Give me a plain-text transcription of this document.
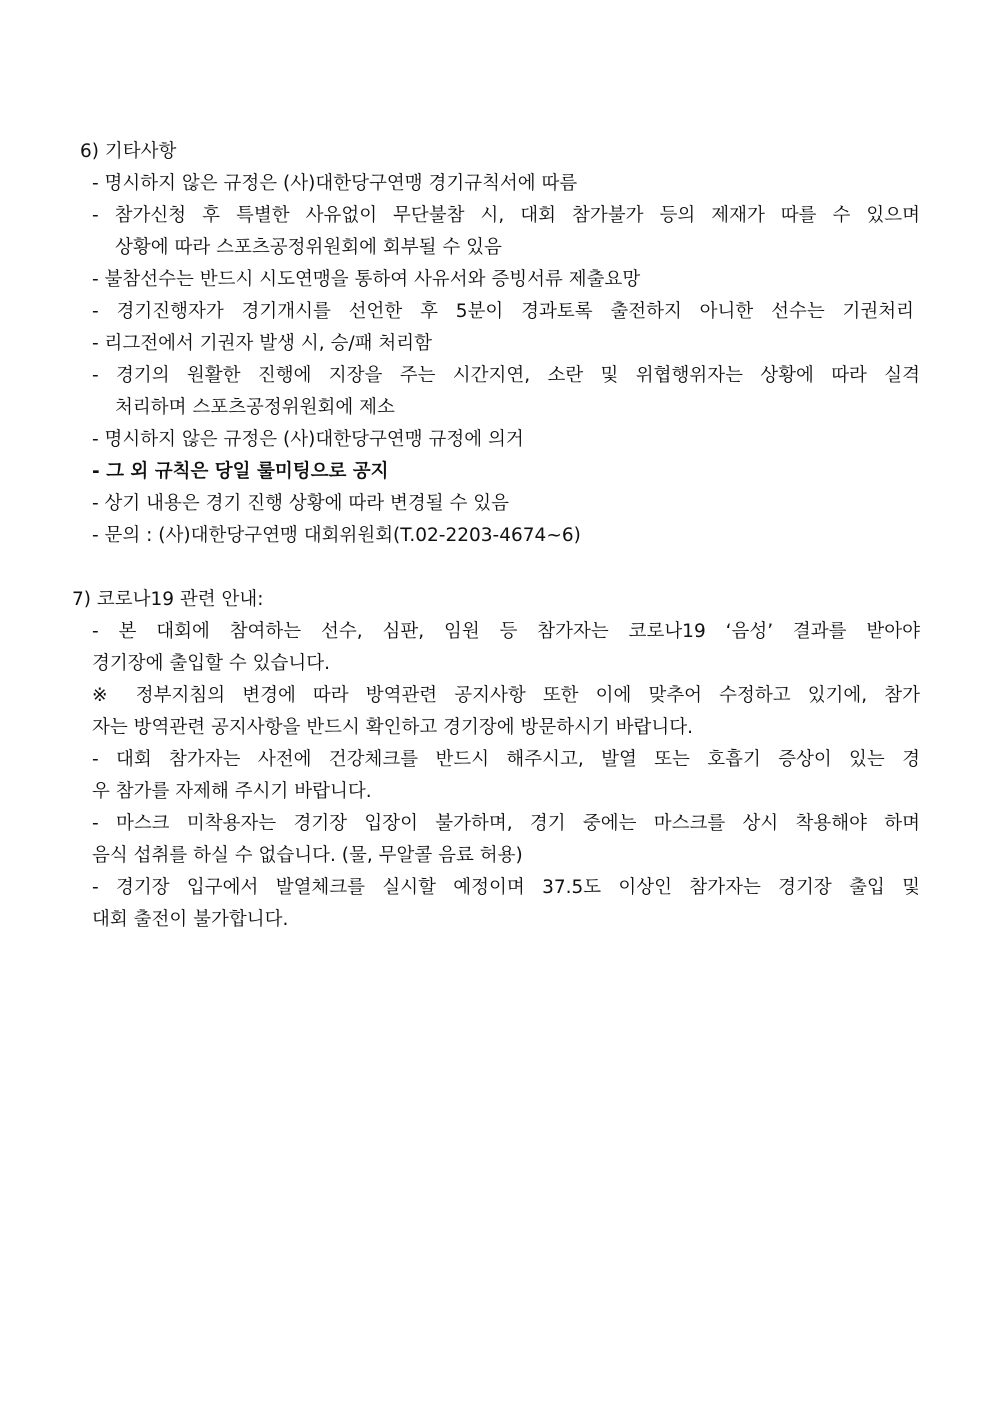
6) 기타사항
- 명시하지 않은 규정은 (사)대한당구연맹 경기규칙서에 따름
- 참가신청 후 특별한 사유없이 무단불참 시, 대회 참가불가 등의 제재가 따를 수 있으며
상황에 따라 스포츠공정위원회에 회부될 수 있음
- 불참선수는 반드시 시도연맹을 통하여 사유서와 증빙서류 제출요망
- 경기진행자가 경기개시를 선언한 후 5분이 경과토록 출전하지 아니한 선수는 기권처리
- 리그전에서 기권자 발생 시, 승/패 처리함
- 경기의 원활한 진행에 지장을 주는 시간지연, 소란 및 위협행위자는 상황에 따라 실격
처리하며 스포츠공정위원회에 제소
- 명시하지 않은 규정은 (사)대한당구연맹 규정에 의거
- 그 외 규칙은 당일 룰미팅으로 공지
- 상기 내용은 경기 진행 상황에 따라 변경될 수 있음
- 문의 : (사)대한당구연맹 대회위원회(T.02-2203-4674~6)
7) 코로나19 관련 안내:
- 본 대회에 참여하는 선수, 심판, 임원 등 참가자는 코로나19 ‘음성’ 결과를 받아야
경기장에 출입할 수 있습니다.
※ 정부지침의 변경에 따라 방역관련 공지사항 또한 이에 맞추어 수정하고 있기에, 참가
자는 방역관련 공지사항을 반드시 확인하고 경기장에 방문하시기 바랍니다.
- 대회 참가자는 사전에 건강체크를 반드시 해주시고, 발열 또는 호흡기 증상이 있는 경
우 참가를 자제해 주시기 바랍니다.
- 마스크 미착용자는 경기장 입장이 불가하며, 경기 중에는 마스크를 상시 착용해야 하며
음식 섭취를 하실 수 없습니다. (물, 무알콜 음료 허용)
- 경기장 입구에서 발열체크를 실시할 예정이며 37.5도 이상인 참가자는 경기장 출입 및
대회 출전이 불가합니다.
